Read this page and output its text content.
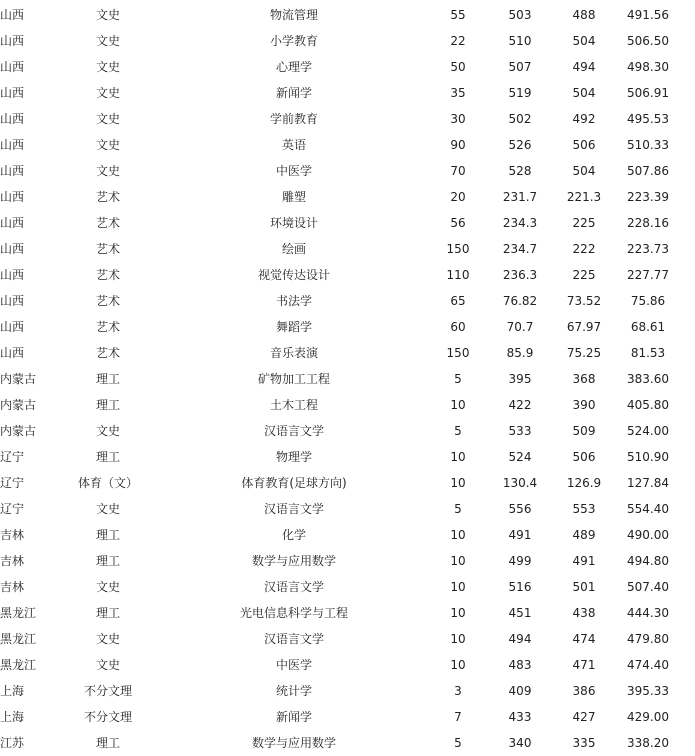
山西	文史	物流管理	55	503	488	491.56
山西	文史	小学教育	22	510	504	506.50
山西	文史	心理学	50	507	494	498.30
山西	文史	新闻学	35	519	504	506.91
山西	文史	学前教育	30	502	492	495.53
山西	文史	英语	90	526	506	510.33
山西	文史	中医学	70	528	504	507.86
山西	艺术	雕塑	20	231.7	221.3	223.39
山西	艺术	环境设计	56	234.3	225	228.16
山西	艺术	绘画	150	234.7	222	223.73
山西	艺术	视觉传达设计	110	236.3	225	227.77
山西	艺术	书法学	65	76.82	73.52	75.86
山西	艺术	舞蹈学	60	70.7	67.97	68.61
山西	艺术	音乐表演	150	85.9	75.25	81.53
内蒙古	理工	矿物加工工程	5	395	368	383.60
内蒙古	理工	土木工程	10	422	390	405.80
内蒙古	文史	汉语言文学	5	533	509	524.00
辽宁	理工	物理学	10	524	506	510.90
辽宁	体育（文）	体育教育(足球方向)	10	130.4	126.9	127.84
辽宁	文史	汉语言文学	5	556	553	554.40
吉林	理工	化学	10	491	489	490.00
吉林	理工	数学与应用数学	10	499	491	494.80
吉林	文史	汉语言文学	10	516	501	507.40
黑龙江	理工	光电信息科学与工程	10	451	438	444.30
黑龙江	文史	汉语言文学	10	494	474	479.80
黑龙江	文史	中医学	10	483	471	474.40
上海	不分文理	统计学	3	409	386	395.33
上海	不分文理	新闻学	7	433	427	429.00
江苏	理工	数学与应用数学	5	340	335	338.20
